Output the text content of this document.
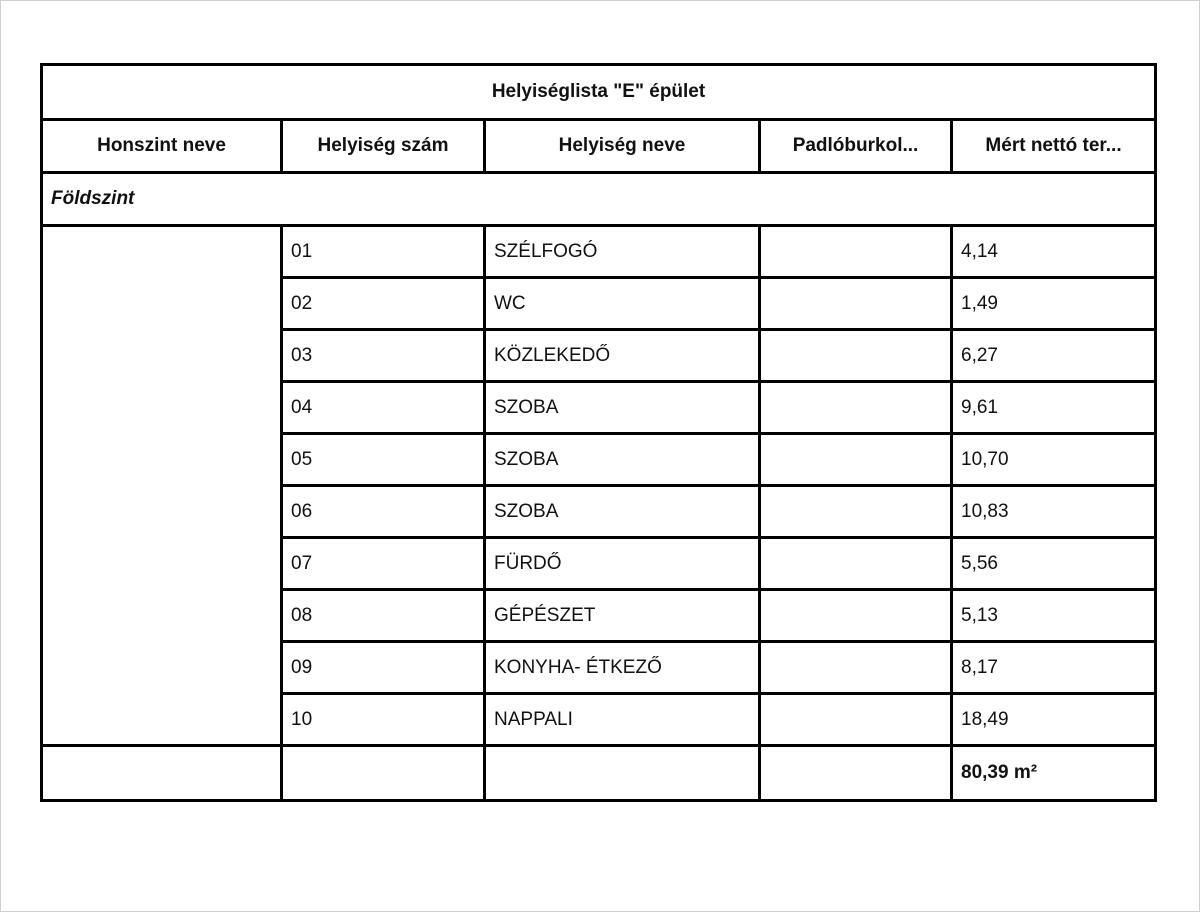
Helyiséglista "E" épület				
Honszint neve	Helyiség szám	Helyiség neve	Padlóburkol...	Mért nettó ter...
Földszint				
	01	SZÉLFOGÓ		4,14
	02	WC		1,49
	03	KÖZLEKEDŐ		6,27
	04	SZOBA		9,61
	05	SZOBA		10,70
	06	SZOBA		10,83
	07	FÜRDŐ		5,56
	08	GÉPÉSZET		5,13
	09	KONYHA- ÉTKEZŐ		8,17
	10	NAPPALI		18,49
				80,39 m²
